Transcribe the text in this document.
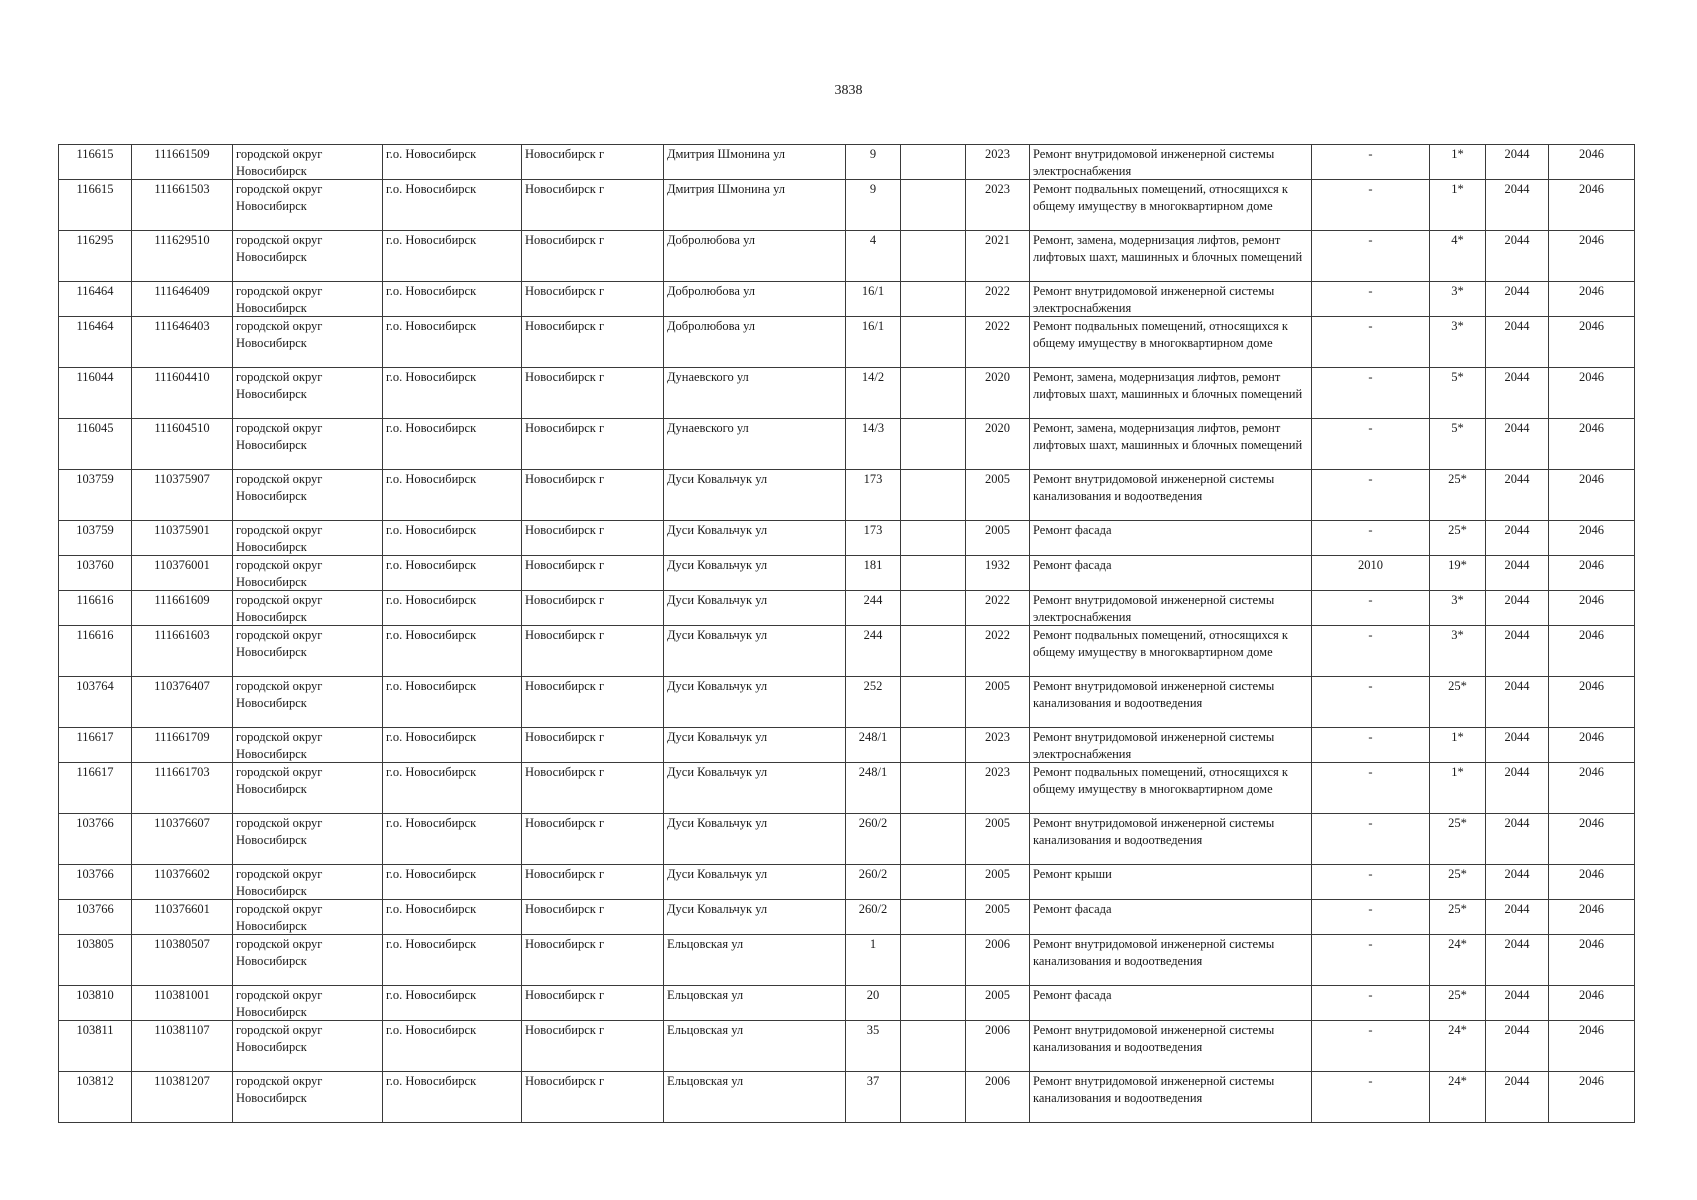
3838
116615	111661509	городской округ Новосибирск	г.о. Новосибирск	Новосибирск г	Дмитрия Шмонина ул	9		2023	Ремонт внутридомовой инженерной системы электроснабжения	-	1*	2044	2046
116615	111661503	городской округ Новосибирск	г.о. Новосибирск	Новосибирск г	Дмитрия Шмонина ул	9		2023	Ремонт подвальных помещений, относящихся к общему имуществу в многоквартирном доме	-	1*	2044	2046
116295	111629510	городской округ Новосибирск	г.о. Новосибирск	Новосибирск г	Добролюбова ул	4		2021	Ремонт, замена, модернизация лифтов, ремонт лифтовых шахт, машинных и блочных помещений	-	4*	2044	2046
116464	111646409	городской округ Новосибирск	г.о. Новосибирск	Новосибирск г	Добролюбова ул	16/1		2022	Ремонт внутридомовой инженерной системы электроснабжения	-	3*	2044	2046
116464	111646403	городской округ Новосибирск	г.о. Новосибирск	Новосибирск г	Добролюбова ул	16/1		2022	Ремонт подвальных помещений, относящихся к общему имуществу в многоквартирном доме	-	3*	2044	2046
116044	111604410	городской округ Новосибирск	г.о. Новосибирск	Новосибирск г	Дунаевского ул	14/2		2020	Ремонт, замена, модернизация лифтов, ремонт лифтовых шахт, машинных и блочных помещений	-	5*	2044	2046
116045	111604510	городской округ Новосибирск	г.о. Новосибирск	Новосибирск г	Дунаевского ул	14/3		2020	Ремонт, замена, модернизация лифтов, ремонт лифтовых шахт, машинных и блочных помещений	-	5*	2044	2046
103759	110375907	городской округ Новосибирск	г.о. Новосибирск	Новосибирск г	Дуси Ковальчук ул	173		2005	Ремонт внутридомовой инженерной системы канализования и водоотведения	-	25*	2044	2046
103759	110375901	городской округ Новосибирск	г.о. Новосибирск	Новосибирск г	Дуси Ковальчук ул	173		2005	Ремонт фасада	-	25*	2044	2046
103760	110376001	городской округ Новосибирск	г.о. Новосибирск	Новосибирск г	Дуси Ковальчук ул	181		1932	Ремонт фасада	2010	19*	2044	2046
116616	111661609	городской округ Новосибирск	г.о. Новосибирск	Новосибирск г	Дуси Ковальчук ул	244		2022	Ремонт внутридомовой инженерной системы электроснабжения	-	3*	2044	2046
116616	111661603	городской округ Новосибирск	г.о. Новосибирск	Новосибирск г	Дуси Ковальчук ул	244		2022	Ремонт подвальных помещений, относящихся к общему имуществу в многоквартирном доме	-	3*	2044	2046
103764	110376407	городской округ Новосибирск	г.о. Новосибирск	Новосибирск г	Дуси Ковальчук ул	252		2005	Ремонт внутридомовой инженерной системы канализования и водоотведения	-	25*	2044	2046
116617	111661709	городской округ Новосибирск	г.о. Новосибирск	Новосибирск г	Дуси Ковальчук ул	248/1		2023	Ремонт внутридомовой инженерной системы электроснабжения	-	1*	2044	2046
116617	111661703	городской округ Новосибирск	г.о. Новосибирск	Новосибирск г	Дуси Ковальчук ул	248/1		2023	Ремонт подвальных помещений, относящихся к общему имуществу в многоквартирном доме	-	1*	2044	2046
103766	110376607	городской округ Новосибирск	г.о. Новосибирск	Новосибирск г	Дуси Ковальчук ул	260/2		2005	Ремонт внутридомовой инженерной системы канализования и водоотведения	-	25*	2044	2046
103766	110376602	городской округ Новосибирск	г.о. Новосибирск	Новосибирск г	Дуси Ковальчук ул	260/2		2005	Ремонт крыши	-	25*	2044	2046
103766	110376601	городской округ Новосибирск	г.о. Новосибирск	Новосибирск г	Дуси Ковальчук ул	260/2		2005	Ремонт фасада	-	25*	2044	2046
103805	110380507	городской округ Новосибирск	г.о. Новосибирск	Новосибирск г	Ельцовская ул	1		2006	Ремонт внутридомовой инженерной системы канализования и водоотведения	-	24*	2044	2046
103810	110381001	городской округ Новосибирск	г.о. Новосибирск	Новосибирск г	Ельцовская ул	20		2005	Ремонт фасада	-	25*	2044	2046
103811	110381107	городской округ Новосибирск	г.о. Новосибирск	Новосибирск г	Ельцовская ул	35		2006	Ремонт внутридомовой инженерной системы канализования и водоотведения	-	24*	2044	2046
103812	110381207	городской округ Новосибирск	г.о. Новосибирск	Новосибирск г	Ельцовская ул	37		2006	Ремонт внутридомовой инженерной системы канализования и водоотведения	-	24*	2044	2046
